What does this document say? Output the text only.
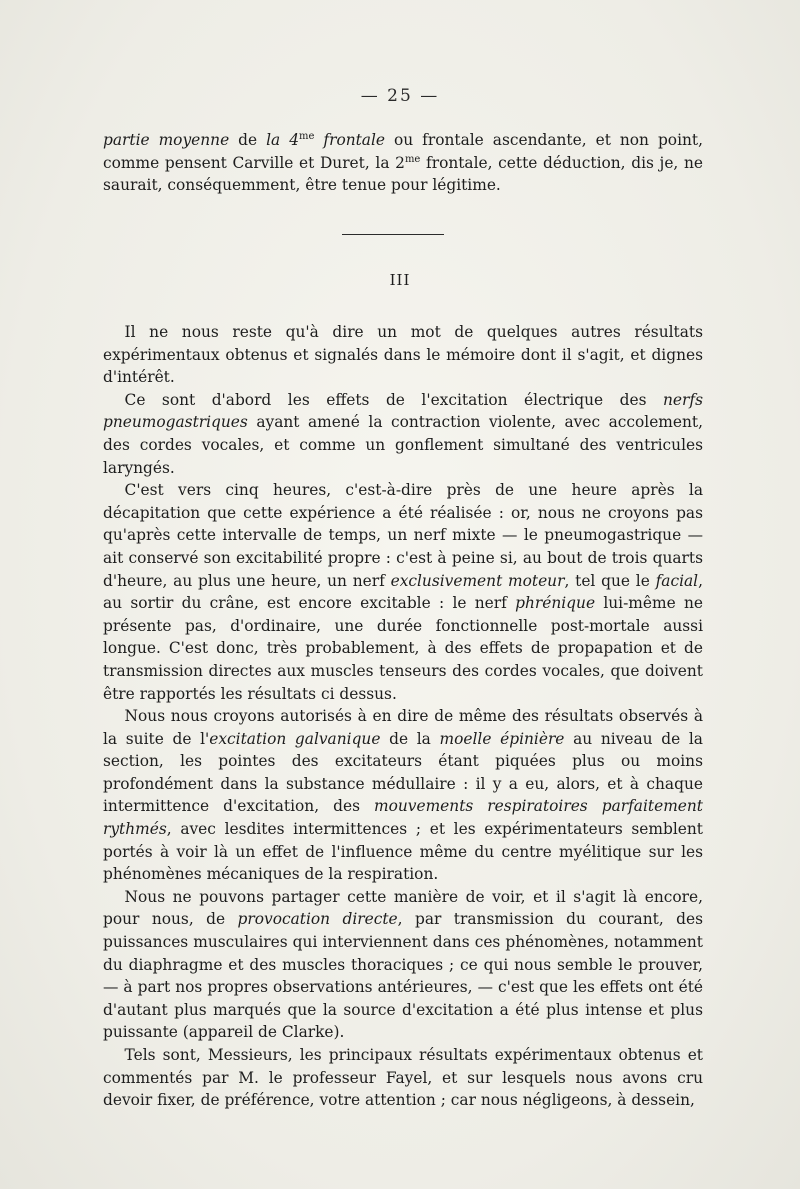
— 25 —

partie moyenne de la $4^{me}$ frontale ou frontale ascendante, et non point, comme pensent Carville et Duret, la $2^{me}$ frontale, cette déduction, dis je, ne saurait, conséquemment, être tenue pour légitime.

III

Il ne nous reste qu'à dire un mot de quelques autres résultats expérimentaux obtenus et signalés dans le mémoire dont il s'agit, et dignes d'intérêt.

Ce sont d'abord les effets de l'excitation électrique des nerfs pneumogastriques ayant amené la contraction violente, avec accolement, des cordes vocales, et comme un gonflement simultané des ventricules laryngés.

C'est vers cinq heures, c'est-à-dire près de une heure après la décapitation que cette expérience a été réalisée : or, nous ne croyons pas qu'après cette intervalle de temps, un nerf mixte — le pneumogastrique — ait conservé son excitabilité propre : c'est à peine si, au bout de trois quarts d'heure, au plus une heure, un nerf exclusivement moteur, tel que le facial, au sortir du crâne, est encore excitable : le nerf phrénique lui-même ne présente pas, d'ordinaire, une durée fonctionnelle post-mortale aussi longue. C'est donc, très probablement, à des effets de propapation et de transmission directes aux muscles tenseurs des cordes vocales, que doivent être rapportés les résultats ci dessus.

Nous nous croyons autorisés à en dire de même des résultats observés à la suite de l'excitation galvanique de la moelle épinière au niveau de la section, les pointes des excitateurs étant piquées plus ou moins profondément dans la substance médullaire : il y a eu, alors, et à chaque intermittence d'excitation, des mouvements respiratoires parfaitement rythmés, avec lesdites intermittences ; et les expérimentateurs semblent portés à voir là un effet de l'influence même du centre myélitique sur les phénomènes mécaniques de la respiration.

Nous ne pouvons partager cette manière de voir, et il s'agit là encore, pour nous, de provocation directe, par transmission du courant, des puissances musculaires qui interviennent dans ces phénomènes, notamment du diaphragme et des muscles thoraciques ; ce qui nous semble le prouver, — à part nos propres observations antérieures, — c'est que les effets ont été d'autant plus marqués que la source d'excitation a été plus intense et plus puissante (appareil de Clarke).

Tels sont, Messieurs, les principaux résultats expérimentaux obtenus et commentés par M. le professeur Fayel, et sur lesquels nous avons cru devoir fixer, de préférence, votre attention ; car nous négligeons, à dessein,
